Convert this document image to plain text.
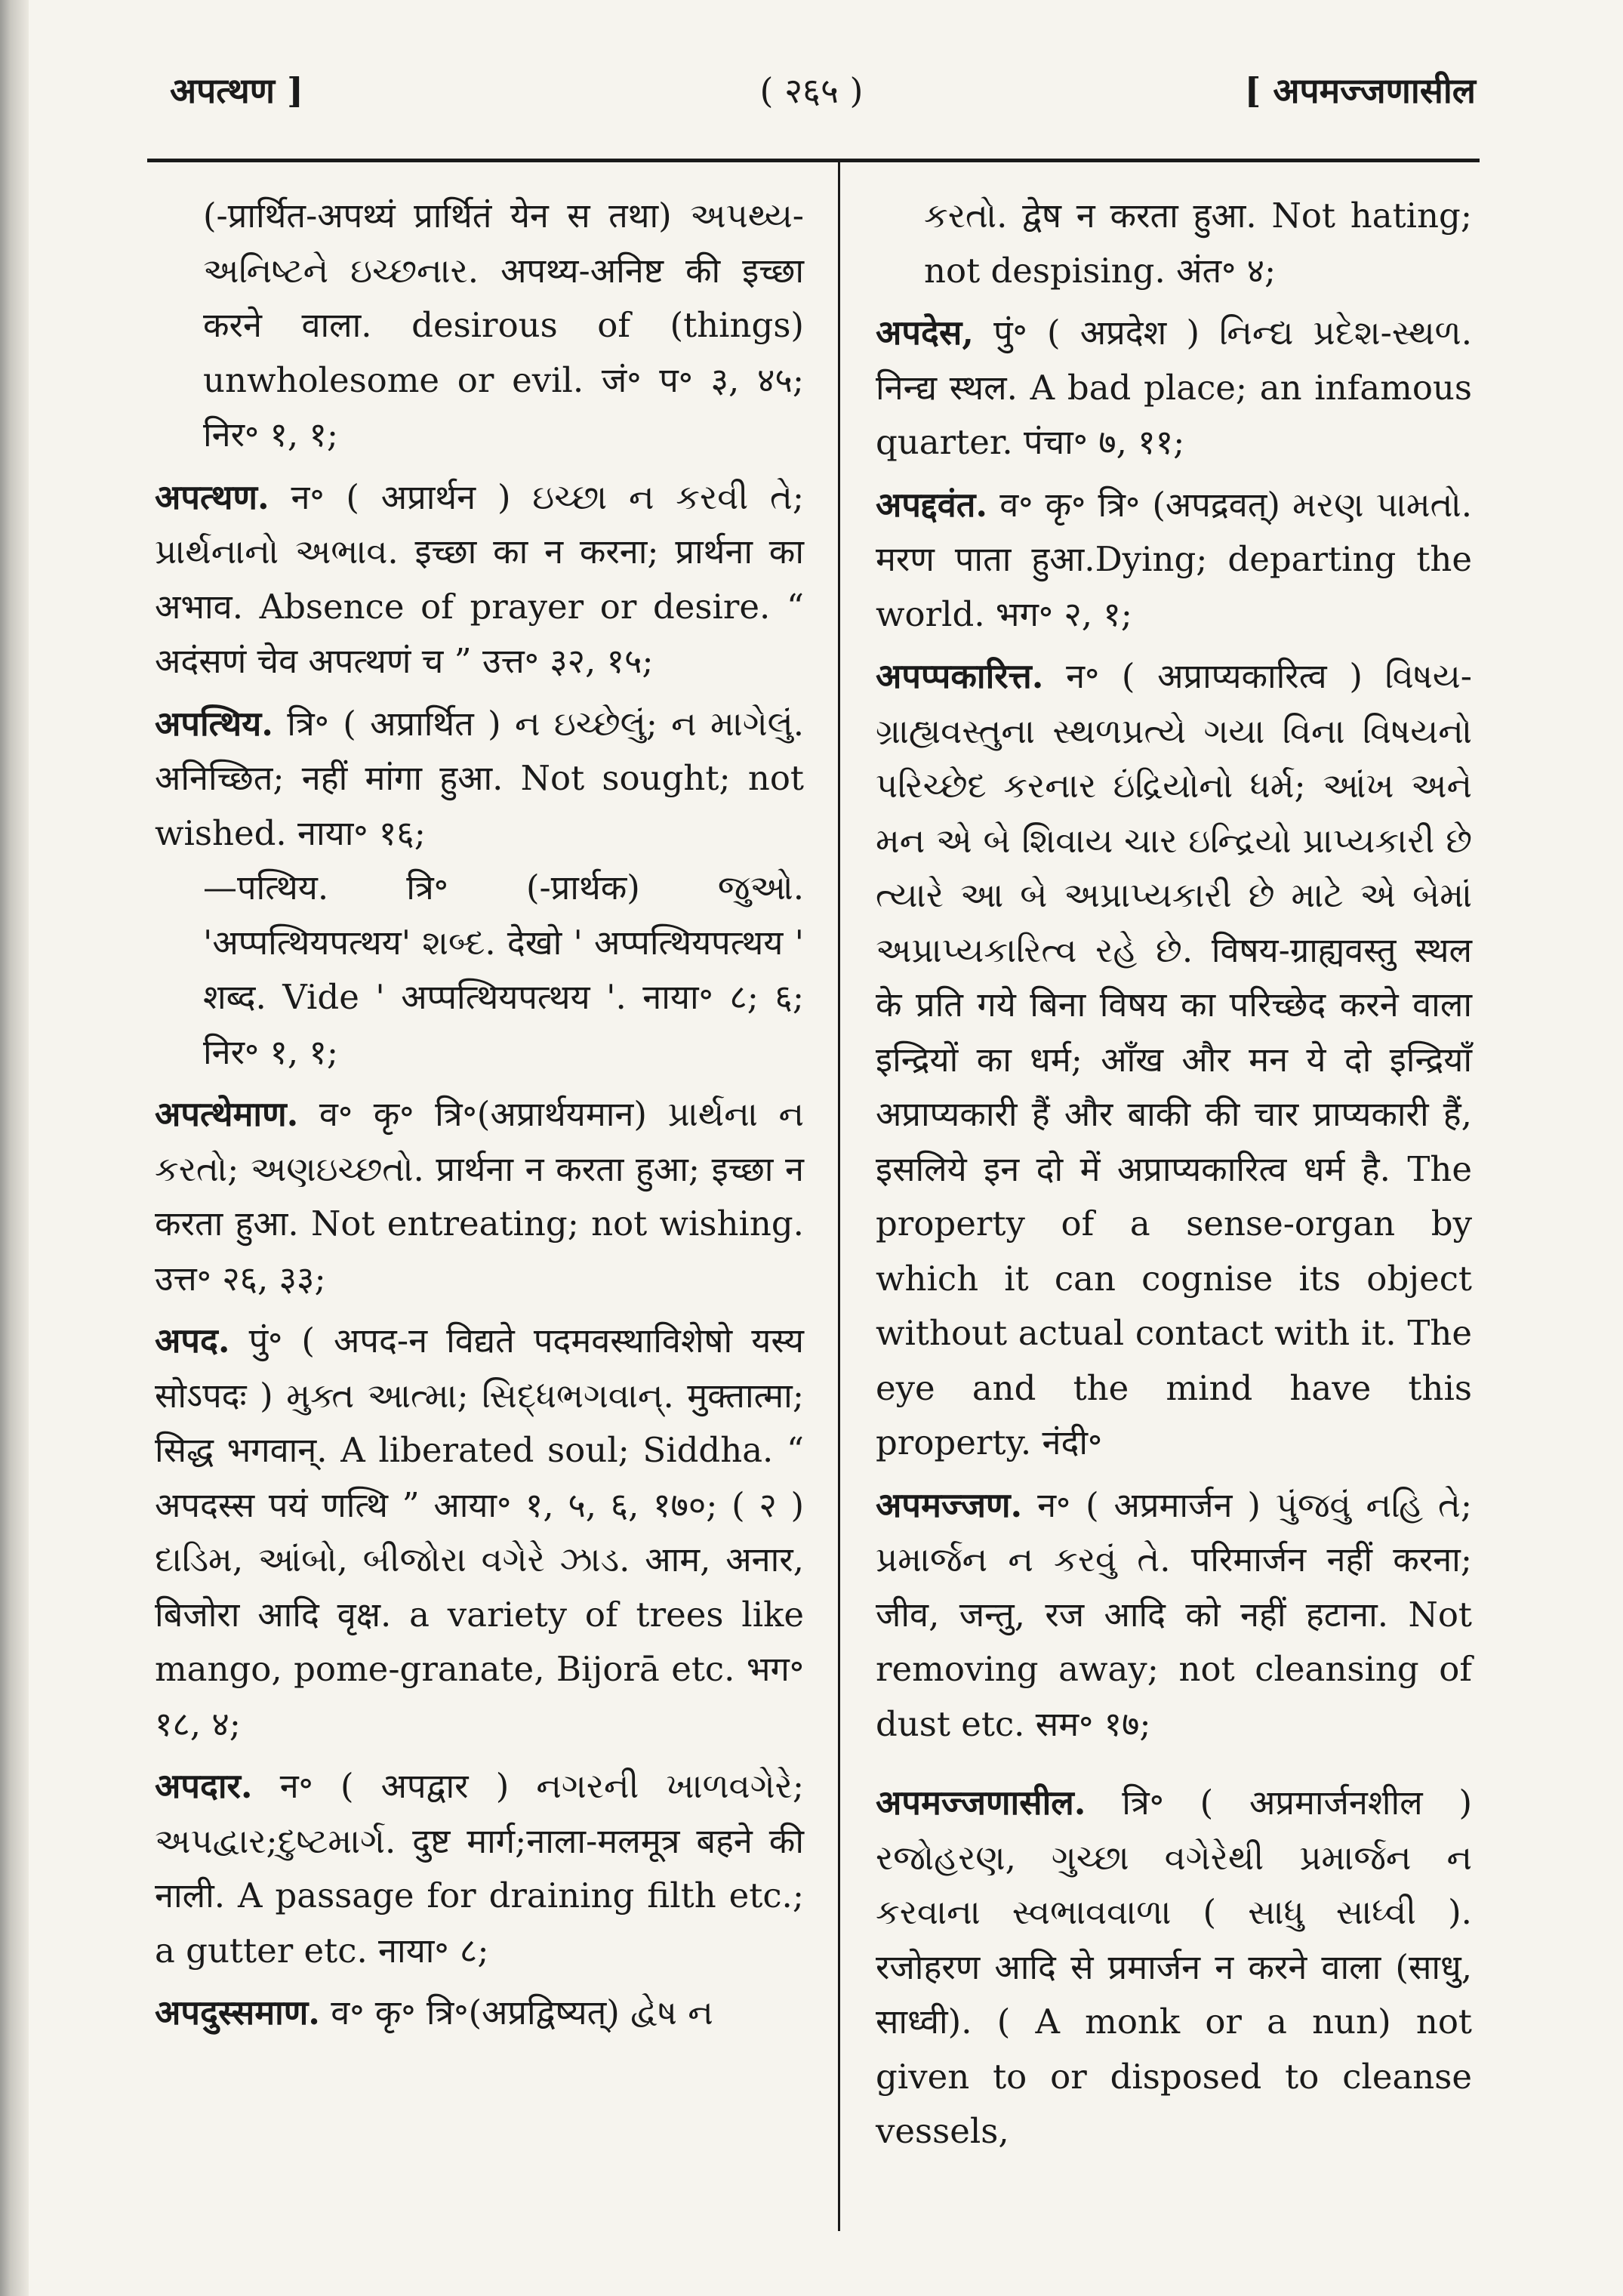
अपत्थण ]	( २६५ )	[ अपमज्जणासील

(-प्रार्थित-अपथ्यं प्रार्थितं येन स तथा) અપથ્ય-અનિષ્ટને ઇચ્છનાર. अपथ्य-अनिष्ट की इच्छा करने वाला. desirous of (things) unwholesome or evil. जं॰ प॰ ३, ४५; निर॰ १, १;

अपत्थण. न॰ ( अप्रार्थन ) ઇચ્છા ન કરવી તે; પ્રાર્થનાનો અભાવ. इच्छा का न करना; प्रार्थना का अभाव. Absence of prayer or desire. “ अदंसणं चेव अपत्थणं च ” उत्त॰ ३२, १५;

अपत्थिय. त्रि॰ ( अप्रार्थित ) ન ઇચ્છેલું; ન માગેલું. अनिच्छित; नहीं मांगा हुआ. Not sought; not wished. नाया॰ १६;

—पत्थिय. त्रि॰ (-प्रार्थक) જુઓ. 'अप्पत्थियपत्थय' શબ્દ. देखो ' अप्पत्थियपत्थय ' शब्द. Vide ' अप्पत्थियपत्थय '. नाया॰ ८; ६; निर॰ १, १;

अपत्थेमाण. व॰ कृ॰ त्रि॰(अप्रार्थयमान) પ્રાર્થના ન કરતો; અણઇચ્છતો. प्रार्थना न करता हुआ; इच्छा न करता हुआ. Not entreating; not wishing. उत्त॰ २६, ३३;

अपद. पुं॰ ( अपद-न विद्यते पदमवस्थाविशेषो यस्य सोऽपदः ) મુક્ત આત્મા; સિદ્ધભગવાન્. मुक्तात्मा; सिद्ध भगवान्. A liberated soul; Siddha. “ अपदस्स पयं णत्थि ” आया॰ १, ५, ६, १७०; ( २ ) દાડિમ, આંબો, બીજોરા વગેરે ઝાડ. आम, अनार, बिजोरा आदि वृक्ष. a variety of trees like mango, pome-granate, Bijorā etc. भग॰ १८, ४;

अपदार. न॰ ( अपद्वार ) નગરની ખાળવગેરે; અપદ્વાર;દુષ્ટમાર્ગ. दुष्ट मार्ग;नाला-मलमूत्र बहने की नाली. A passage for draining filth etc.; a gutter etc. नाया॰ ८;

अपदुस्समाण. व॰ कृ॰ त्रि॰(अप्रद्विष्यत्) દ્વેષ ન

કરતો. द्वेष न करता हुआ. Not hating; not despising. अंत॰ ४;

अपदेस, पुं॰ ( अप्रदेश ) નિન્દ્ય પ્રદેશ-સ્થળ. निन्द्य स्थल. A bad place; an infamous quarter. पंचा॰ ७, ११;

अपद्दवंत. व॰ कृ॰ त्रि॰ (अपद्रवत्) મરણ પામતો. मरण पाता हुआ.Dying; departing the world. भग॰ २, १;

अपप्पकारित्त. न॰ ( अप्राप्यकारित्व ) વિષય-ગ્રાહ્યવસ્તુના સ્થળપ્રત્યે ગયા વિના વિષયનો પરિચ્છેદ કરનાર ઇંદ્રિયોનો ધર્મ; આંખ અને મન એ બે શિવાય ચાર ઇન્દ્રિયો પ્રાપ્યકારી છે ત્યારે આ બે અપ્રાપ્યકારી છે માટે એ બેમાં અપ્રાપ્યકારિત્વ રહે છે. विषय-ग्राह्यवस्तु स्थल के प्रति गये बिना विषय का परिच्छेद करने वाला इन्द्रियों का धर्म; आँख और मन ये दो इन्द्रियाँ अप्राप्यकारी हैं और बाकी की चार प्राप्यकारी हैं, इसलिये इन दो में अप्राप्यकारित्व धर्म है. The property of a sense-organ by which it can cognise its object without actual contact with it. The eye and the mind have this property. नंदी॰

अपमज्जण. न॰ ( अप्रमार्जन ) પુંજવું નહિ તે; પ્રમાર્જન ન કરવું તે. परिमार्जन नहीं करना; जीव, जन्तु, रज आदि को नहीं हटाना. Not removing away; not cleansing of dust etc. सम॰ १७;

अपमज्जणासील. त्रि॰ ( अप्रमार्जनशील ) રજોહરણ, ગુચ્છા વગેરેથી પ્રમાર્જન ન કરવાના સ્વભાવવાળા ( સાધુ સાધ્વી ). रजोहरण आदि से प्रमार्जन न करने वाला (साधु, साध्वी). ( A monk or a nun) not given to or disposed to cleanse vessels,
